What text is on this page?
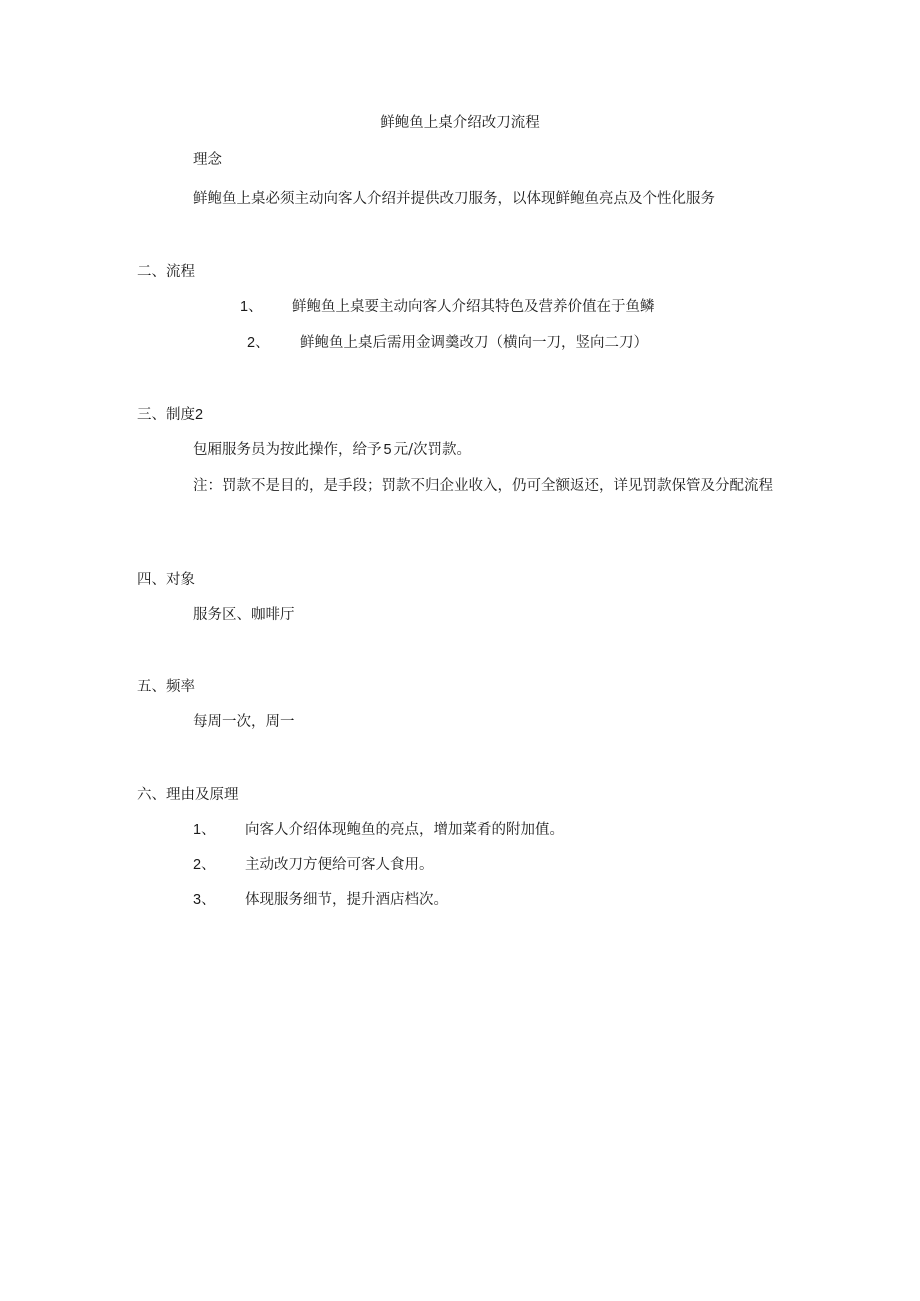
鲜鲍鱼上桌介绍改刀流程
理念
鲜鲍鱼上桌必须主动向客人介绍并提供改刀服务，以体现鲜鲍鱼亮点及个性化服务
二、流程
1、 鲜鲍鱼上桌要主动向客人介绍其特色及营养价值在于鱼鳞
2、 鲜鲍鱼上桌后需用金调羹改刀（横向一刀，竖向二刀）
三、制度2
包厢服务员为按此操作，给予 5 元/次罚款。
注：罚款不是目的，是手段；罚款不归企业收入，仍可全额返还，详见罚款保管及分配流程
四、对象
服务区、咖啡厅
五、频率
每周一次，周一
六、理由及原理
1、 向客人介绍体现鲍鱼的亮点，增加菜肴的附加值。
2、 主动改刀方便给可客人食用。
3、 体现服务细节，提升酒店档次。
